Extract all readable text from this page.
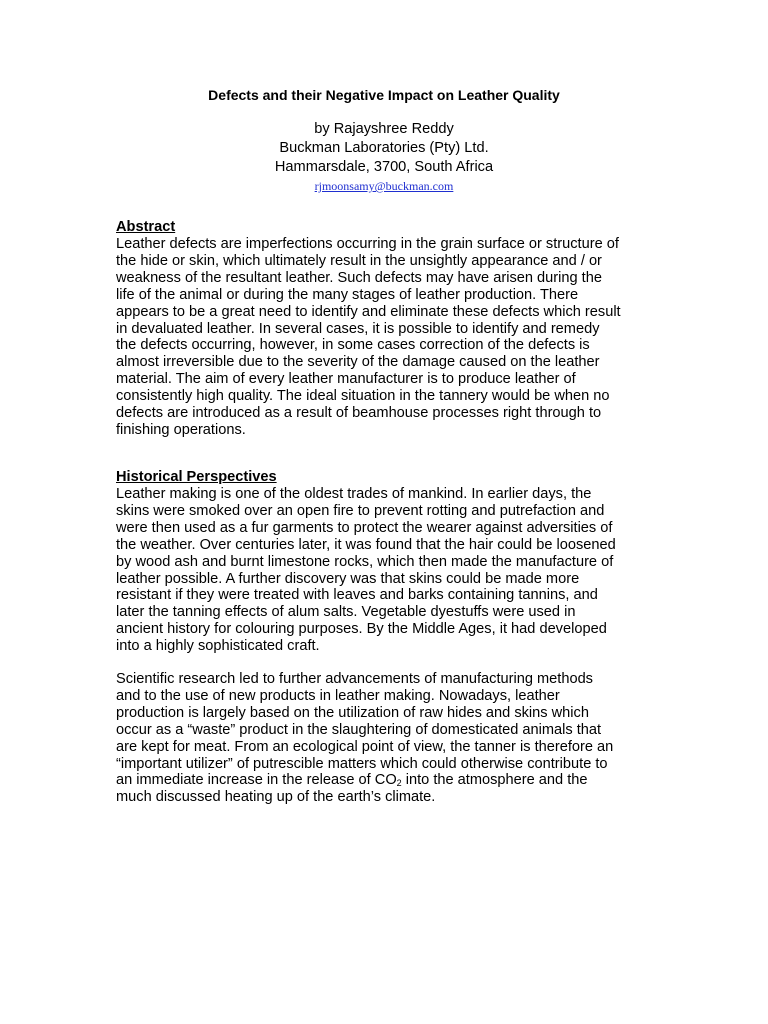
Defects and their Negative Impact on Leather Quality
by Rajayshree Reddy
Buckman Laboratories (Pty) Ltd.
Hammarsdale, 3700, South Africa
rjmoonsamy@buckman.com
Abstract
Leather defects are imperfections occurring in the grain surface or structure of
the hide or skin, which ultimately result in the unsightly appearance and / or
weakness of the resultant leather. Such defects may have arisen during the
life of the animal or during the many stages of leather production. There
appears to be a great need to identify and eliminate these defects which result
in devaluated leather. In several cases, it is possible to identify and remedy
the defects occurring, however, in some cases correction of the defects is
almost irreversible due to the severity of the damage caused on the leather
material. The aim of every leather manufacturer is to produce leather of
consistently high quality. The ideal situation in the tannery would be when no
defects are introduced as a result of beamhouse processes right through to
finishing operations.
Historical Perspectives
Leather making is one of the oldest trades of mankind. In earlier days, the
skins were smoked over an open fire to prevent rotting and putrefaction and
were then used as a fur garments to protect the wearer against adversities of
the weather. Over centuries later, it was found that the hair could be loosened
by wood ash and burnt limestone rocks, which then made the manufacture of
leather possible. A further discovery was that skins could be made more
resistant if they were treated with leaves and barks containing tannins, and
later the tanning effects of alum salts. Vegetable dyestuffs were used in
ancient history for colouring purposes. By the Middle Ages, it had developed
into a highly sophisticated craft.
Scientific research led to further advancements of manufacturing methods
and to the use of new products in leather making. Nowadays, leather
production is largely based on the utilization of raw hides and skins which
occur as a “waste” product in the slaughtering of domesticated animals that
are kept for meat. From an ecological point of view, the tanner is therefore an
“important utilizer” of putrescible matters which could otherwise contribute to
an immediate increase in the release of $CO_2$ into the atmosphere and the
much discussed heating up of the earth’s climate.
